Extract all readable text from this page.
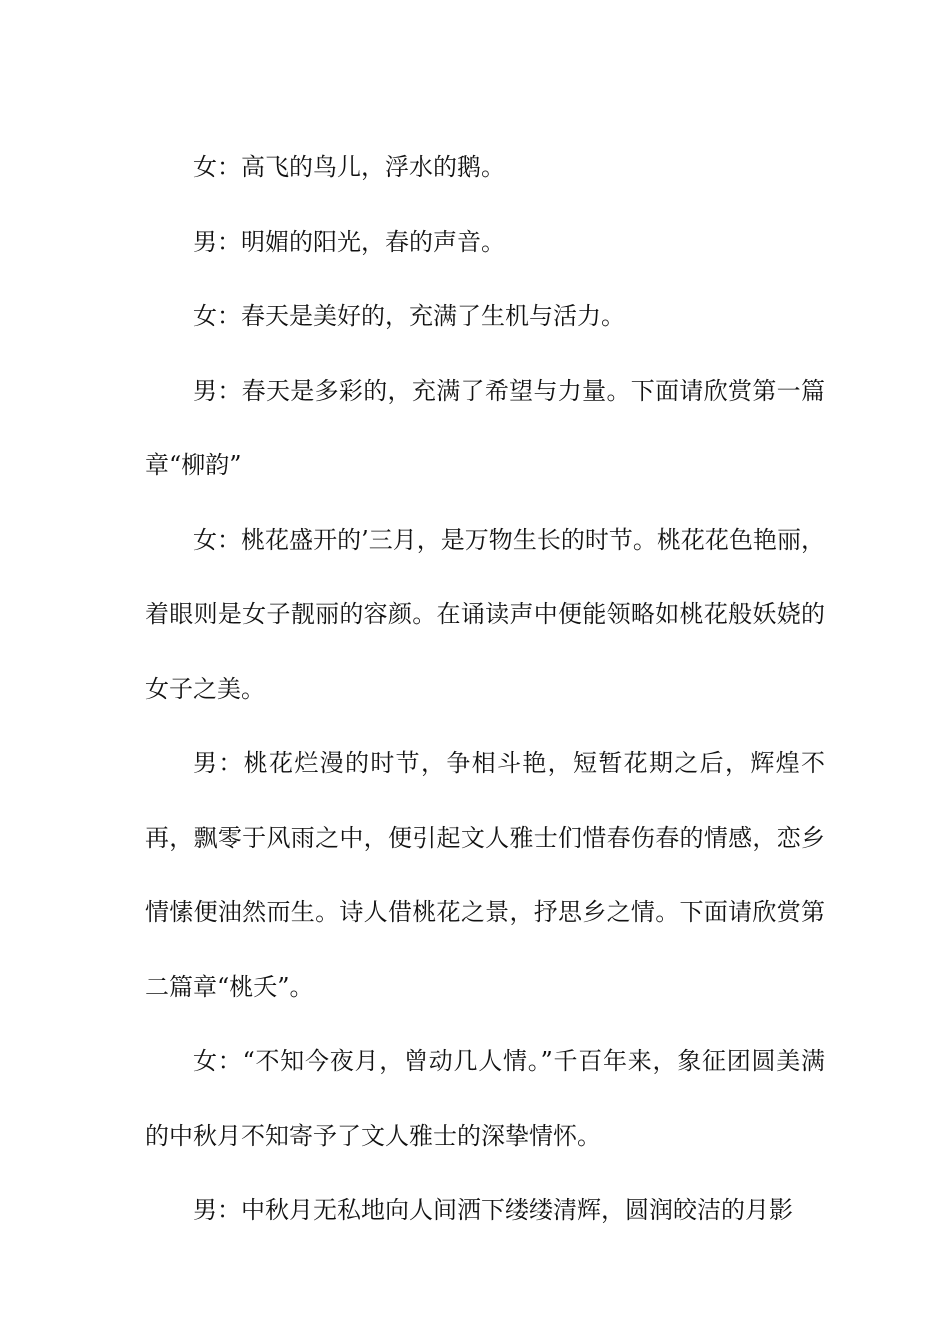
女：高飞的鸟儿，浮水的鹅。

男：明媚的阳光，春的声音。

女：春天是美好的，充满了生机与活力。

男：春天是多彩的，充满了希望与力量。下面请欣赏第一篇章“柳韵”

女：桃花盛开的’三月，是万物生长的时节。桃花花色艳丽，着眼则是女子靓丽的容颜。在诵读声中便能领略如桃花般妖娆的女子之美。

男：桃花烂漫的时节，争相斗艳，短暂花期之后，辉煌不再，飘零于风雨之中，便引起文人雅士们惜春伤春的情感，恋乡情愫便油然而生。诗人借桃花之景，抒思乡之情。下面请欣赏第二篇章“桃夭”。

女：“不知今夜月，曾动几人情。”千百年来，象征团圆美满的中秋月不知寄予了文人雅士的深挚情怀。

男：中秋月无私地向人间洒下缕缕清辉，圆润皎洁的月影
